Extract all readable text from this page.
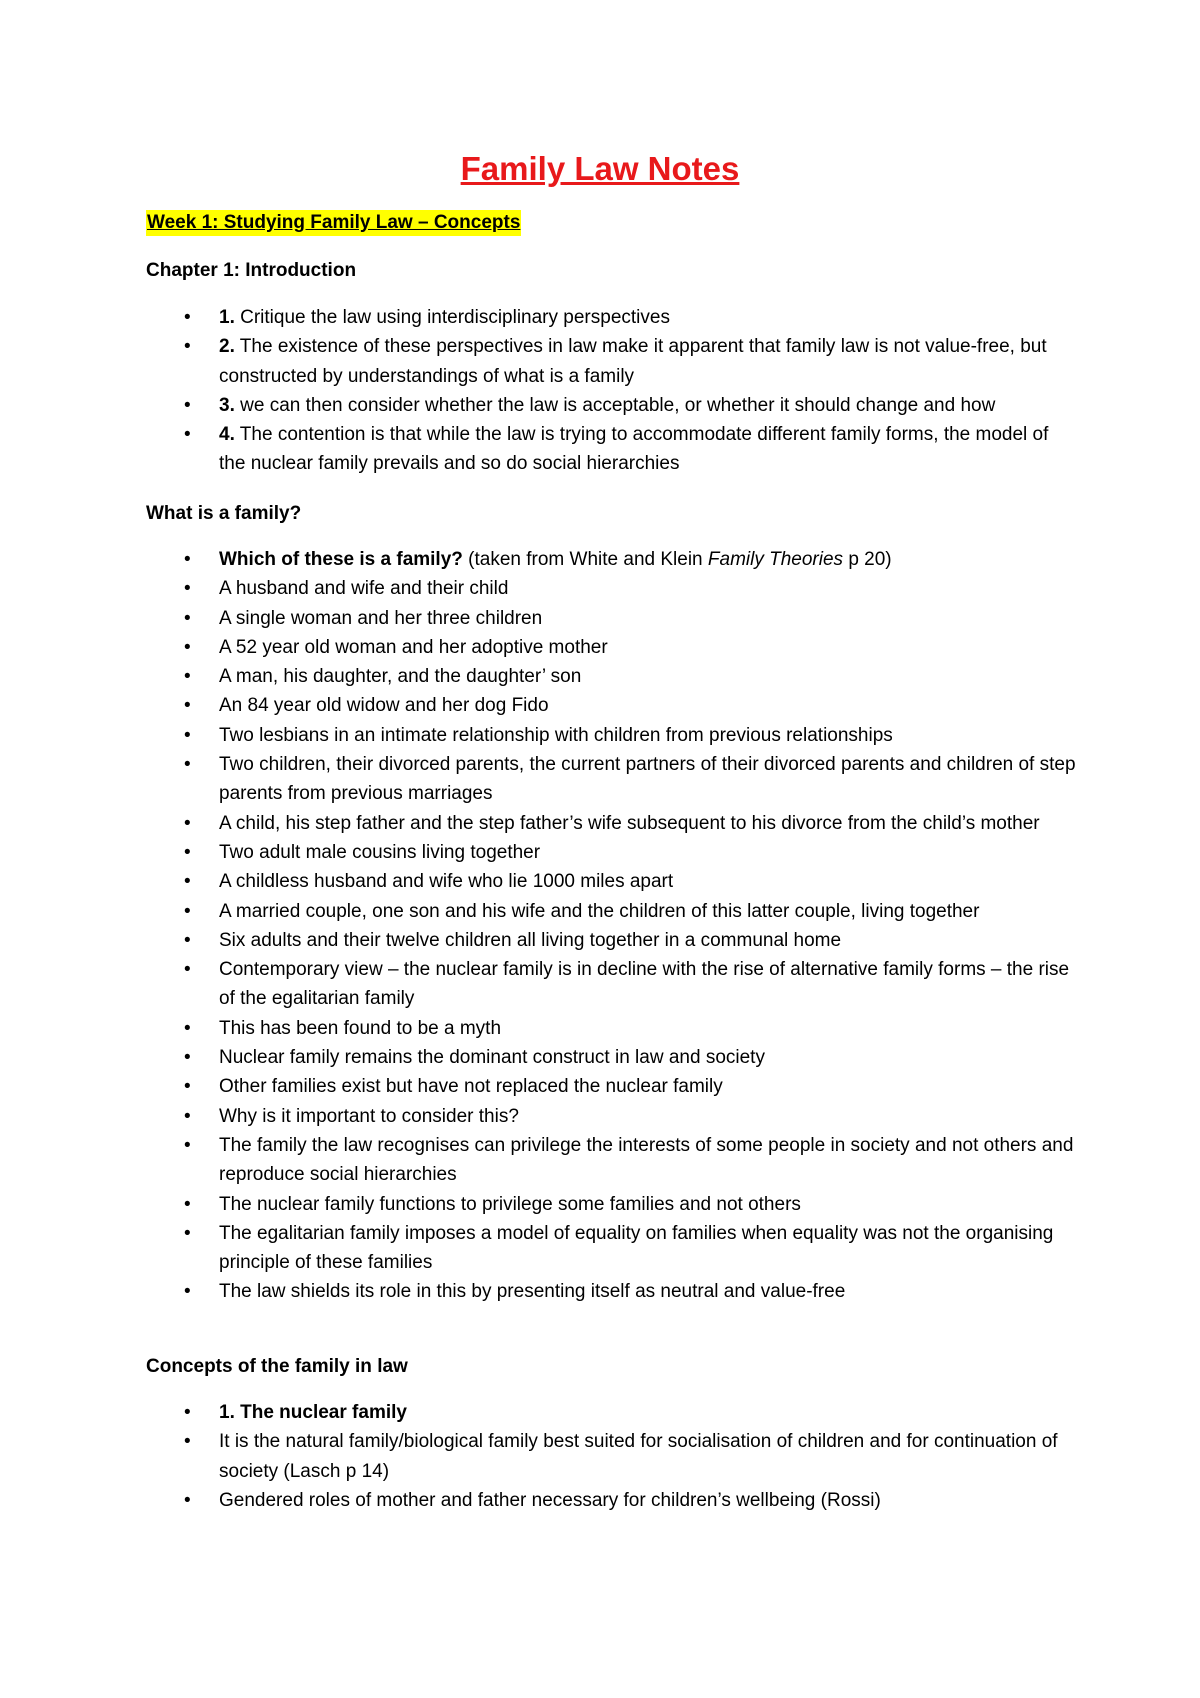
Family Law Notes
Week 1: Studying Family Law – Concepts
Chapter 1: Introduction
• 1. Critique the law using interdisciplinary perspectives
• 2. The existence of these perspectives in law make it apparent that family law is not value-free, but constructed by understandings of what is a family
• 3. we can then consider whether the law is acceptable, or whether it should change and how
• 4. The contention is that while the law is trying to accommodate different family forms, the model of the nuclear family prevails and so do social hierarchies
What is a family?
• Which of these is a family? (taken from White and Klein Family Theories p 20)
• A husband and wife and their child
• A single woman and her three children
• A 52 year old woman and her adoptive mother
• A man, his daughter, and the daughter’ son
• An 84 year old widow and her dog Fido
• Two lesbians in an intimate relationship with children from previous relationships
• Two children, their divorced parents, the current partners of their divorced parents and children of step parents from previous marriages
• A child, his step father and the step father’s wife subsequent to his divorce from the child’s mother
• Two adult male cousins living together
• A childless husband and wife who lie 1000 miles apart
• A married couple, one son and his wife and the children of this latter couple, living together
• Six adults and their twelve children all living together in a communal home
• Contemporary view – the nuclear family is in decline with the rise of alternative family forms – the rise of the egalitarian family
• This has been found to be a myth
• Nuclear family remains the dominant construct in law and society
• Other families exist but have not replaced the nuclear family
• Why is it important to consider this?
• The family the law recognises can privilege the interests of some people in society and not others and reproduce social hierarchies
• The nuclear family functions to privilege some families and not others
• The egalitarian family imposes a model of equality on families when equality was not the organising principle of these families
• The law shields its role in this by presenting itself as neutral and value-free
Concepts of the family in law
• 1. The nuclear family
• It is the natural family/biological family best suited for socialisation of children and for continuation of society (Lasch p 14)
• Gendered roles of mother and father necessary for children’s wellbeing (Rossi)
